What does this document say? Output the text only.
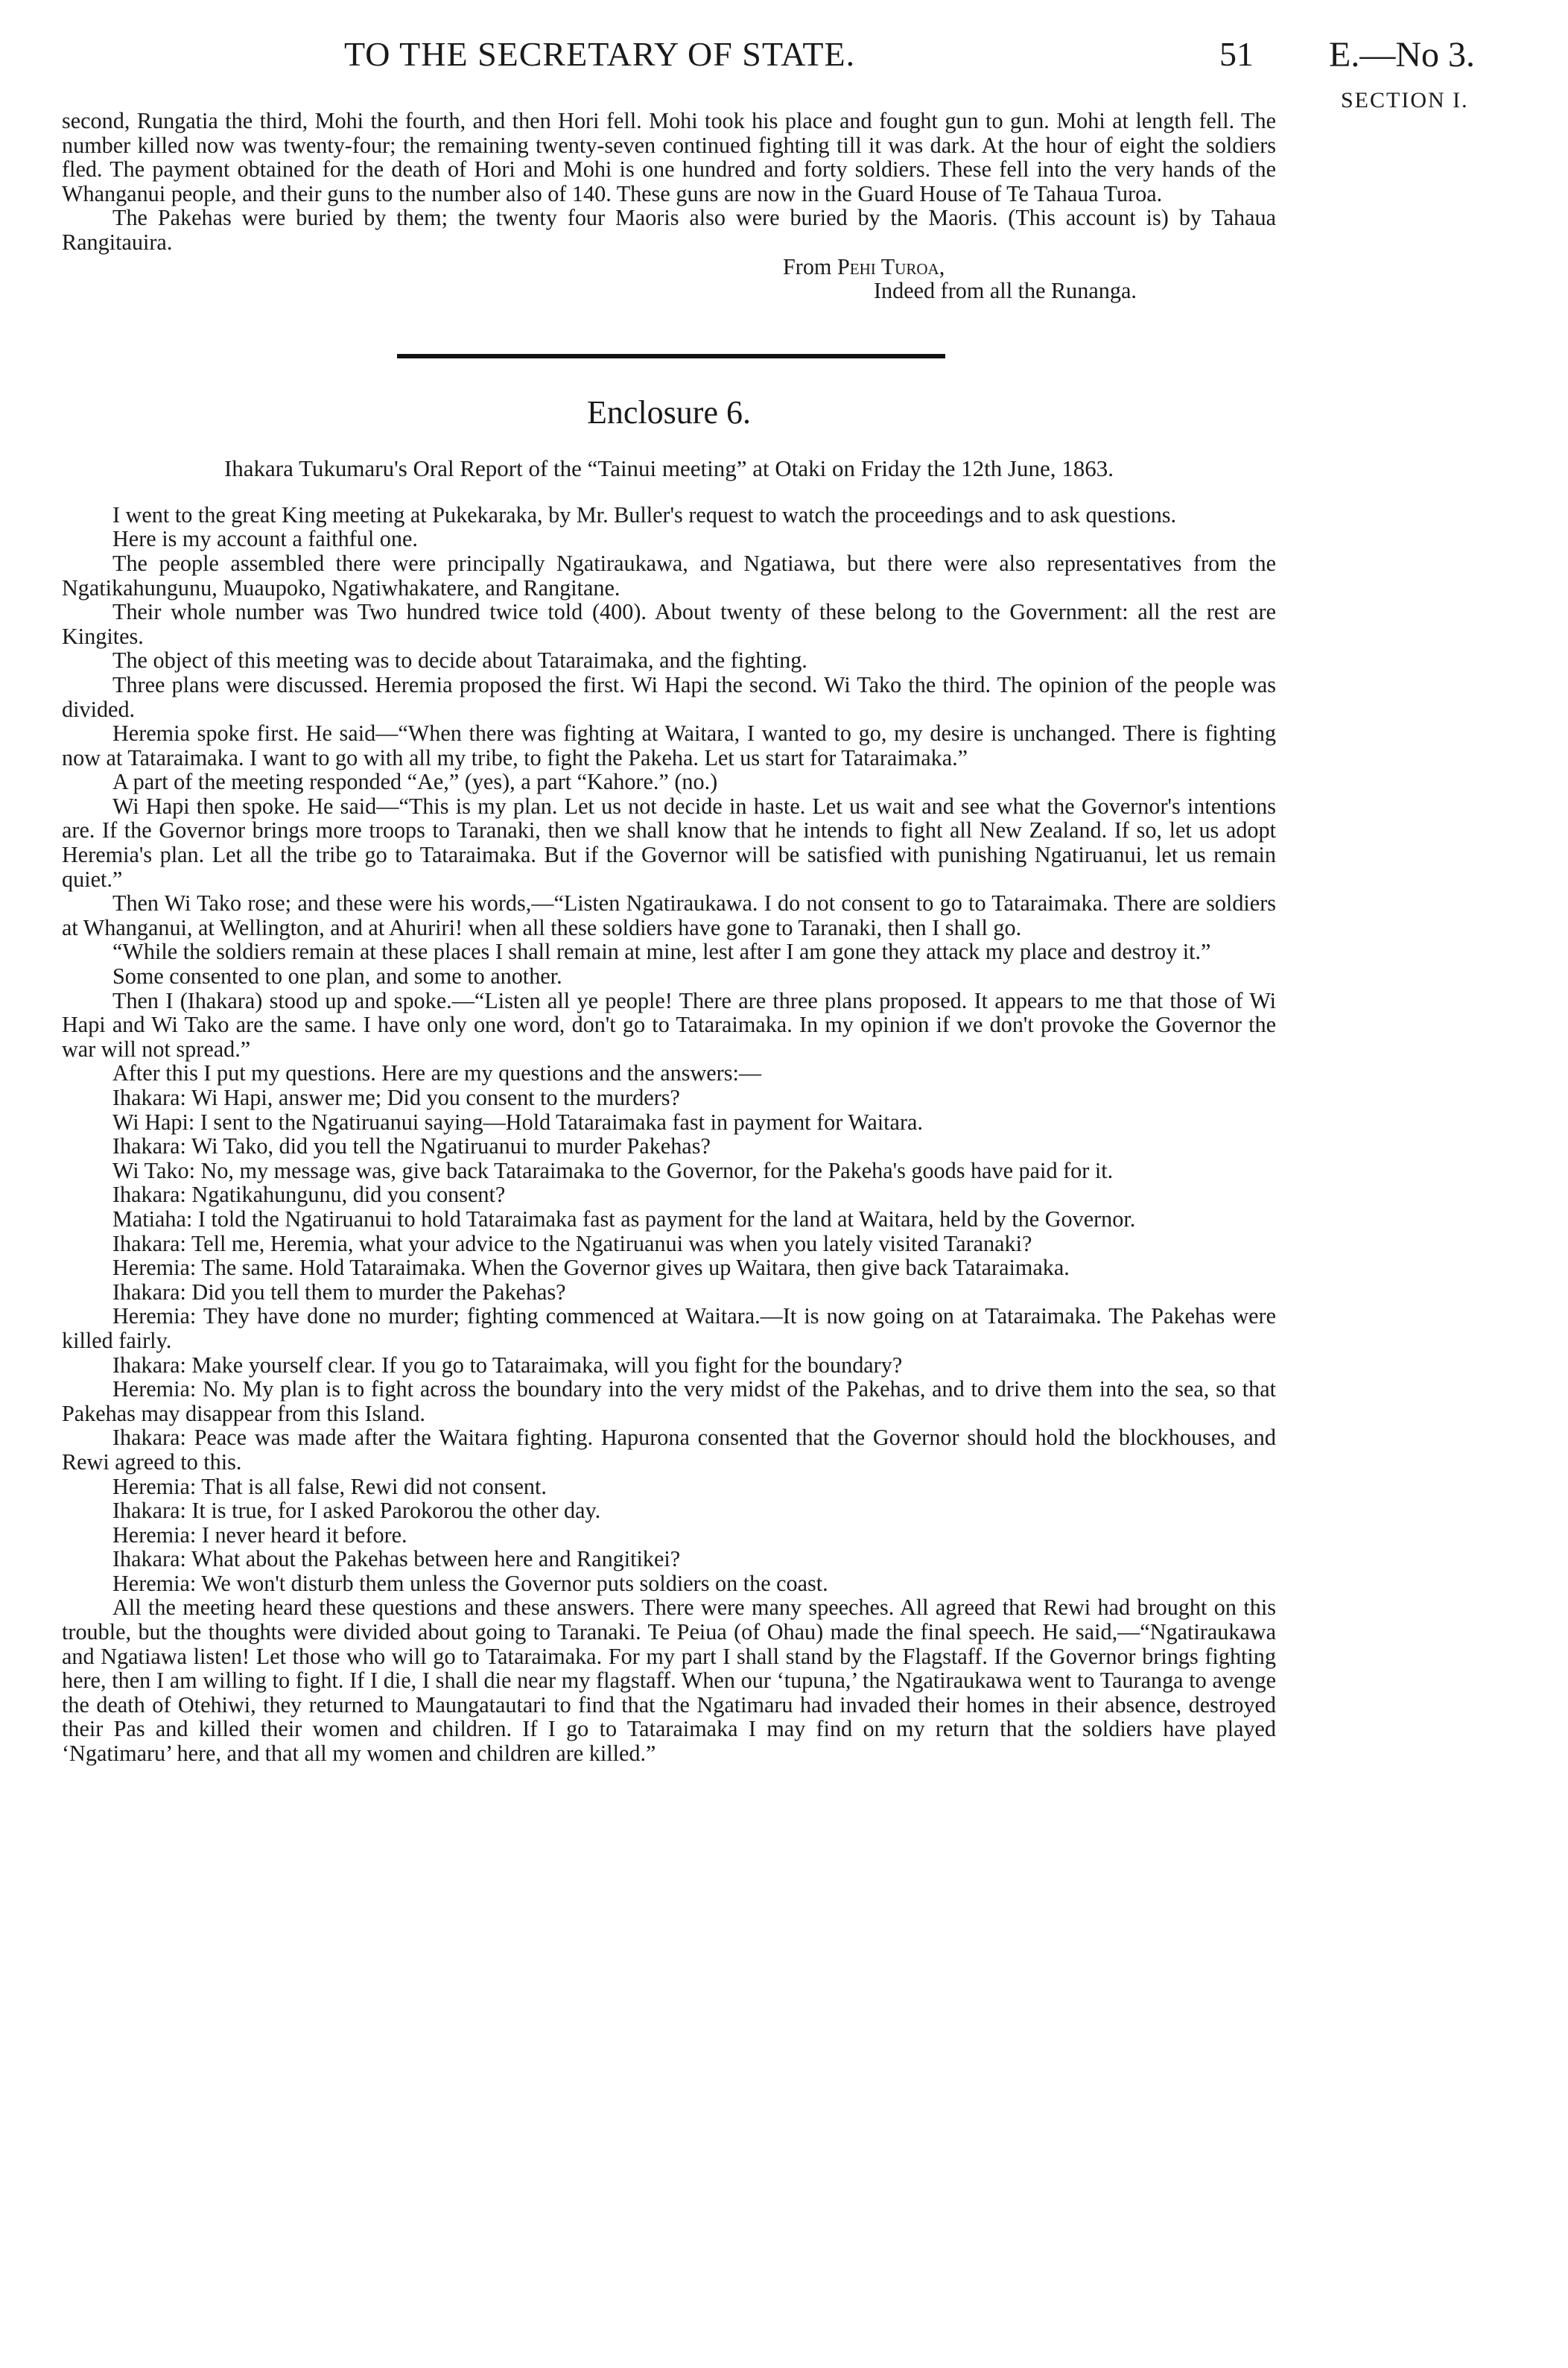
TO THE SECRETARY OF STATE.	51 E.—No 3.
SECTION I.

second, Rungatia the third, Mohi the fourth, and then Hori fell. Mohi took his place and fought gun to gun. Mohi at length fell. The number killed now was twenty-four; the remaining twenty-seven continued fighting till it was dark. At the hour of eight the soldiers fled. The payment obtained for the death of Hori and Mohi is one hundred and forty soldiers. These fell into the very hands of the Whanganui people, and their guns to the number also of 140. These guns are now in the Guard House of Te Tahaua Turoa.

The Pakehas were buried by them; the twenty four Maoris also were buried by the Maoris. (This account is) by Tahaua Rangitauira.

From Pehi Turoa,

Indeed from all the Runanga.

Enclosure 6.
Ihakara Tukumaru's Oral Report of the “Tainui meeting” at Otaki on Friday the 12th June, 1863.

I went to the great King meeting at Pukekaraka, by Mr. Buller's request to watch the proceedings and to ask questions.

Here is my account a faithful one.

The people assembled there were principally Ngatiraukawa, and Ngatiawa, but there were also representatives from the Ngatikahungunu, Muaupoko, Ngatiwhakatere, and Rangitane.

Their whole number was Two hundred twice told (400). About twenty of these belong to the Government: all the rest are Kingites.

The object of this meeting was to decide about Tataraimaka, and the fighting.

Three plans were discussed. Heremia proposed the first. Wi Hapi the second. Wi Tako the third. The opinion of the people was divided.

Heremia spoke first. He said—“When there was fighting at Waitara, I wanted to go, my desire is unchanged. There is fighting now at Tataraimaka. I want to go with all my tribe, to fight the Pakeha. Let us start for Tataraimaka.”

A part of the meeting responded “Ae,” (yes), a part “Kahore.” (no.)

Wi Hapi then spoke. He said—“This is my plan. Let us not decide in haste. Let us wait and see what the Governor's intentions are. If the Governor brings more troops to Taranaki, then we shall know that he intends to fight all New Zealand. If so, let us adopt Heremia's plan. Let all the tribe go to Tataraimaka. But if the Governor will be satisfied with punishing Ngatiruanui, let us remain quiet.”

Then Wi Tako rose; and these were his words,—“Listen Ngatiraukawa. I do not consent to go to Tataraimaka. There are soldiers at Whanganui, at Wellington, and at Ahuriri! when all these soldiers have gone to Taranaki, then I shall go.

“While the soldiers remain at these places I shall remain at mine, lest after I am gone they attack my place and destroy it.”

Some consented to one plan, and some to another.

Then I (Ihakara) stood up and spoke.—“Listen all ye people! There are three plans proposed. It appears to me that those of Wi Hapi and Wi Tako are the same. I have only one word, don't go to Tataraimaka. In my opinion if we don't provoke the Governor the war will not spread.”

After this I put my questions. Here are my questions and the answers:—

Ihakara: Wi Hapi, answer me; Did you consent to the murders?

Wi Hapi: I sent to the Ngatiruanui saying—Hold Tataraimaka fast in payment for Waitara.

Ihakara: Wi Tako, did you tell the Ngatiruanui to murder Pakehas?

Wi Tako: No, my message was, give back Tataraimaka to the Governor, for the Pakeha's goods have paid for it.

Ihakara: Ngatikahungunu, did you consent?

Matiaha: I told the Ngatiruanui to hold Tataraimaka fast as payment for the land at Waitara, held by the Governor.

Ihakara: Tell me, Heremia, what your advice to the Ngatiruanui was when you lately visited Taranaki?

Heremia: The same. Hold Tataraimaka. When the Governor gives up Waitara, then give back Tataraimaka.

Ihakara: Did you tell them to murder the Pakehas?

Heremia: They have done no murder; fighting commenced at Waitara.—It is now going on at Tataraimaka. The Pakehas were killed fairly.

Ihakara: Make yourself clear. If you go to Tataraimaka, will you fight for the boundary?

Heremia: No. My plan is to fight across the boundary into the very midst of the Pakehas, and to drive them into the sea, so that Pakehas may disappear from this Island.

Ihakara: Peace was made after the Waitara fighting. Hapurona consented that the Governor should hold the blockhouses, and Rewi agreed to this.

Heremia: That is all false, Rewi did not consent.

Ihakara: It is true, for I asked Parokorou the other day.

Heremia: I never heard it before.

Ihakara: What about the Pakehas between here and Rangitikei?

Heremia: We won't disturb them unless the Governor puts soldiers on the coast.

All the meeting heard these questions and these answers. There were many speeches. All agreed that Rewi had brought on this trouble, but the thoughts were divided about going to Taranaki. Te Peiua (of Ohau) made the final speech. He said,—“Ngatiraukawa and Ngatiawa listen! Let those who will go to Tataraimaka. For my part I shall stand by the Flagstaff. If the Governor brings fighting here, then I am willing to fight. If I die, I shall die near my flagstaff. When our ‘tupuna,’ the Ngatiraukawa went to Tauranga to avenge the death of Otehiwi, they returned to Maungatautari to find that the Ngatimaru had invaded their homes in their absence, destroyed their Pas and killed their women and children. If I go to Tataraimaka I may find on my return that the soldiers have played ‘Ngatimaru’ here, and that all my women and children are killed.”
